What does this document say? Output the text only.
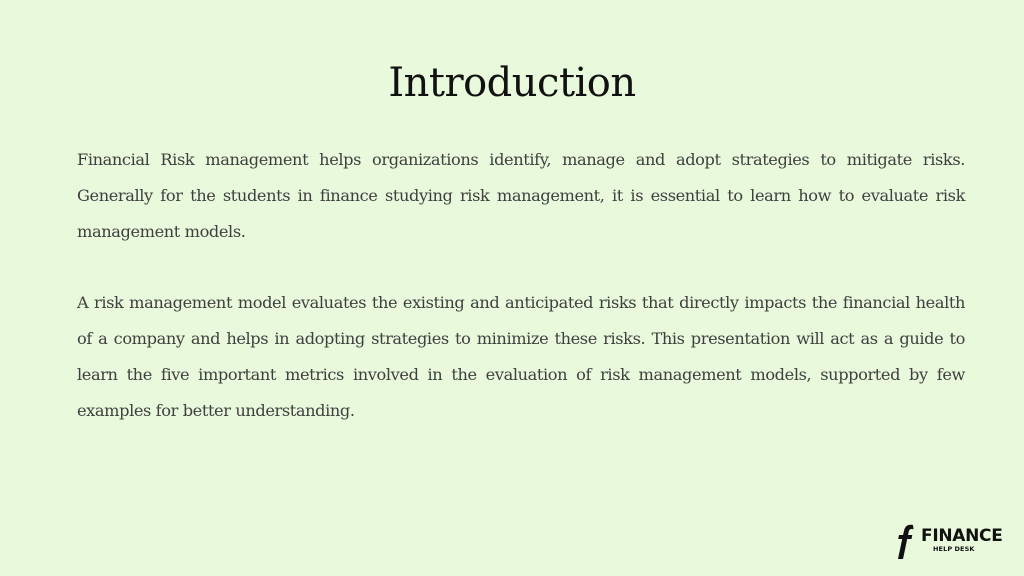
Introduction

Financial Risk management helps organizations identify, manage and adopt strategies to mitigate risks. Generally for the students in finance studying risk management, it is essential to learn how to evaluate risk management models.

A risk management model evaluates the existing and anticipated risks that directly impacts the financial health of a company and helps in adopting strategies to minimize these risks. This presentation will act as a guide to learn the five important metrics involved in the evaluation of risk management models, supported by few examples for better understanding.

FINANCE
HELP DESK
